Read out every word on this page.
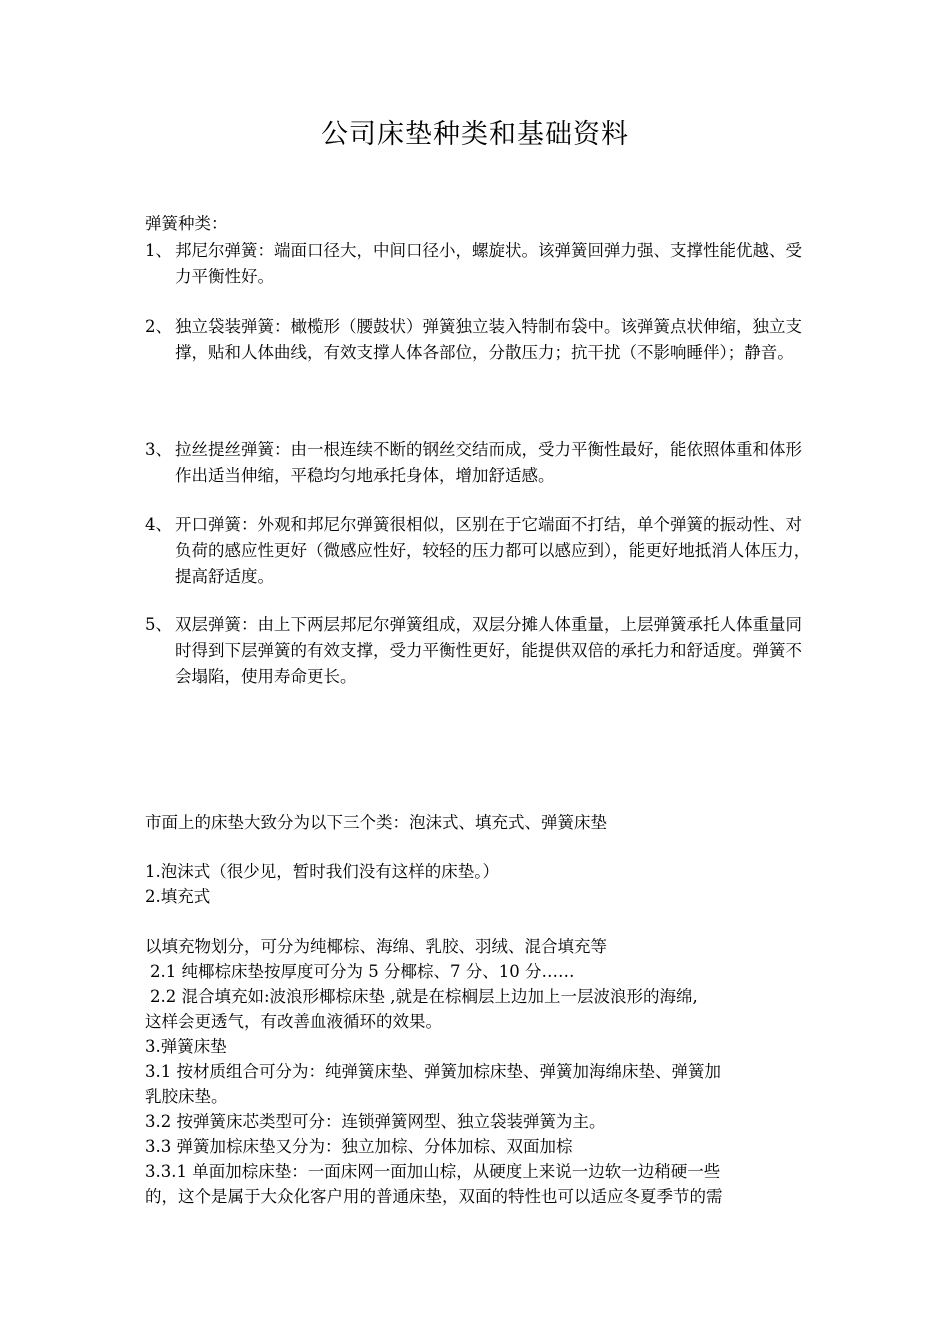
公司床垫种类和基础资料
弹簧种类：
1、 邦尼尔弹簧：端面口径大，中间口径小，螺旋状。该弹簧回弹力强、支撑性能优越、受力平衡性好。
2、 独立袋装弹簧：橄榄形（腰鼓状）弹簧独立装入特制布袋中。该弹簧点状伸缩，独立支撑，贴和人体曲线，有效支撑人体各部位，分散压力；抗干扰（不影响睡伴）；静音。
3、 拉丝提丝弹簧：由一根连续不断的钢丝交结而成，受力平衡性最好，能依照体重和体形作出适当伸缩，平稳均匀地承托身体，增加舒适感。
4、 开口弹簧：外观和邦尼尔弹簧很相似，区别在于它端面不打结，单个弹簧的振动性、对负荷的感应性更好（微感应性好，较轻的压力都可以感应到），能更好地抵消人体压力，提高舒适度。
5、 双层弹簧：由上下两层邦尼尔弹簧组成，双层分摊人体重量，上层弹簧承托人体重量同时得到下层弹簧的有效支撑，受力平衡性更好，能提供双倍的承托力和舒适度。弹簧不会塌陷，使用寿命更长。
市面上的床垫大致分为以下三个类：泡沫式、填充式、弹簧床垫
1.泡沫式（很少见，暂时我们没有这样的床垫。）
2.填充式
以填充物划分，可分为纯椰棕、海绵、乳胶、羽绒、混合填充等
2.1 纯椰棕床垫按厚度可分为 5 分椰棕、7 分、10 分……
2.2 混合填充如:波浪形椰棕床垫 ,就是在棕榈层上边加上一层波浪形的海绵,
这样会更透气，有改善血液循环的效果。
3.弹簧床垫
3.1 按材质组合可分为：纯弹簧床垫、弹簧加棕床垫、弹簧加海绵床垫、弹簧加
乳胶床垫。
3.2 按弹簧床芯类型可分：连锁弹簧网型、独立袋装弹簧为主。
3.3 弹簧加棕床垫又分为：独立加棕、分体加棕、双面加棕
3.3.1 单面加棕床垫：一面床网一面加山棕，从硬度上来说一边软一边稍硬一些
的，这个是属于大众化客户用的普通床垫，双面的特性也可以适应冬夏季节的需
